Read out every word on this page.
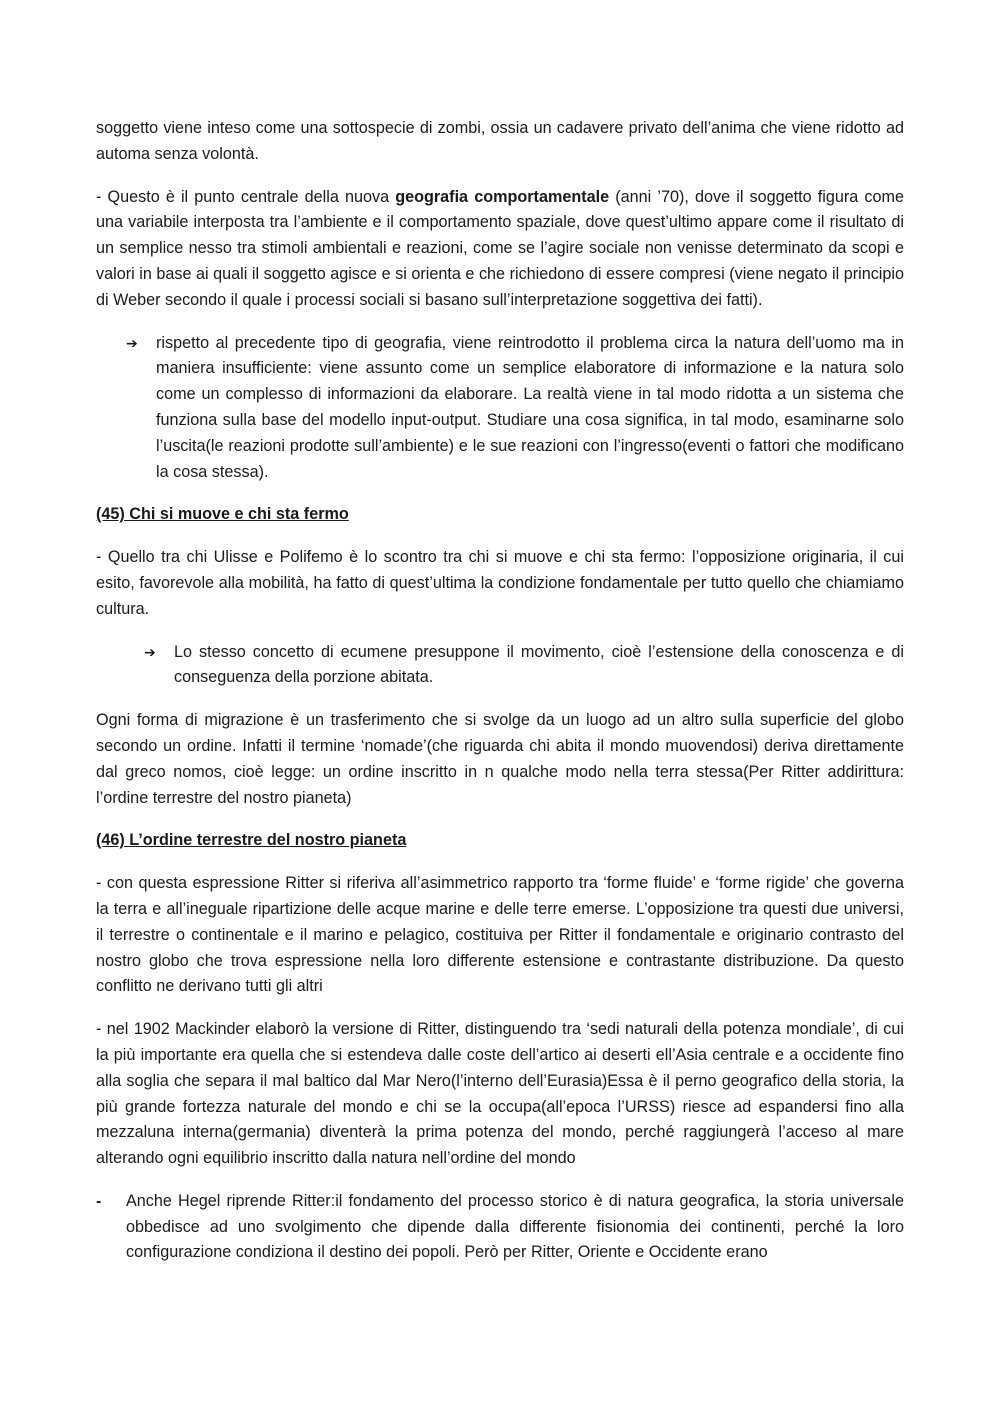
soggetto viene inteso come una sottospecie di zombi, ossia un cadavere privato dell’anima che viene ridotto ad automa senza volontà.

- Questo è il punto centrale della nuova geografia comportamentale (anni ’70), dove il soggetto figura come una variabile interposta tra l’ambiente e il comportamento spaziale, dove quest’ultimo appare come il risultato di un semplice nesso tra stimoli ambientali e reazioni, come se l’agire sociale non venisse determinato da scopi e valori in base ai quali il soggetto agisce e si orienta e che richiedono di essere compresi (viene negato il principio di Weber secondo il quale i processi sociali si basano sull’interpretazione soggettiva dei fatti).

➔ rispetto al precedente tipo di geografia, viene reintrodotto il problema circa la natura dell’uomo ma in maniera insufficiente: viene assunto come un semplice elaboratore di informazione e la natura solo come un complesso di informazioni da elaborare. La realtà viene in tal modo ridotta a un sistema che funziona sulla base del modello input-output. Studiare una cosa significa, in tal modo, esaminarne solo l’uscita(le reazioni prodotte sull’ambiente) e le sue reazioni con l’ingresso(eventi o fattori che modificano la cosa stessa).

(45) Chi si muove e chi sta fermo

- Quello tra chi Ulisse e Polifemo è lo scontro tra chi si muove e chi sta fermo: l’opposizione originaria, il cui esito, favorevole alla mobilità, ha fatto di quest’ultima la condizione fondamentale per tutto quello che chiamiamo cultura.

➔ Lo stesso concetto di ecumene presuppone il movimento, cioè l’estensione della conoscenza e di conseguenza della porzione abitata.

Ogni forma di migrazione è un trasferimento che si svolge da un luogo ad un altro sulla superficie del globo secondo un ordine. Infatti il termine ‘nomade’(che riguarda chi abita il mondo muovendosi) deriva direttamente dal greco nomos, cioè legge: un ordine inscritto in n qualche modo nella terra stessa(Per Ritter addirittura: l’ordine terrestre del nostro pianeta)

(46) L’ordine terrestre del nostro pianeta

- con questa espressione Ritter si riferiva all’asimmetrico rapporto tra ‘forme fluide’ e ‘forme rigide’ che governa la terra e all’ineguale ripartizione delle acque marine e delle terre emerse. L’opposizione tra questi due universi, il terrestre o continentale e il marino e pelagico, costituiva per Ritter il fondamentale e originario contrasto del nostro globo che trova espressione nella loro differente estensione e contrastante distribuzione. Da questo conflitto ne derivano tutti gli altri

- nel 1902 Mackinder elaborò la versione di Ritter, distinguendo tra ‘sedi naturali della potenza mondiale’, di cui la più importante era quella che si estendeva dalle coste dell’artico ai deserti ell’Asia centrale e a occidente fino alla soglia che separa il mal baltico dal Mar Nero(l’interno dell’Eurasia)Essa è il perno geografico della storia, la più grande fortezza naturale del mondo e chi se la occupa(all’epoca l’URSS) riesce ad espandersi fino alla mezzaluna interna(germania) diventerà la prima potenza del mondo, perché raggiungerà l’acceso al mare alterando ogni equilibrio inscritto dalla natura nell’ordine del mondo

- Anche Hegel riprende Ritter:il fondamento del processo storico è di natura geografica, la storia universale obbedisce ad uno svolgimento che dipende dalla differente fisionomia dei continenti, perché la loro configurazione condiziona il destino dei popoli. Però per Ritter, Oriente e Occidente erano
